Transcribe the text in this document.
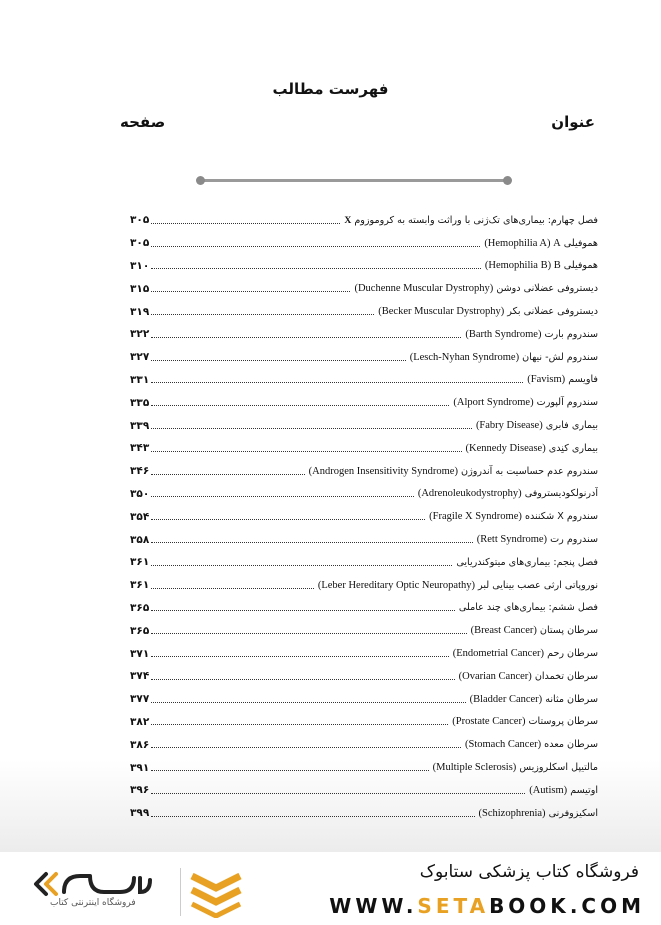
فهرست مطالب
عنوان
صفحه
فصل چهارم: بیماری‌های تک‌ژنی با وراثت وابسته به کروموزوم X
۳۰۵
هموفیلی (Hemophilia A) A
۳۰۵
هموفیلی (Hemophilia B) B
۳۱۰
دیستروفی عضلانی دوشن (Duchenne Muscular Dystrophy)
۳۱۵
دیستروفی عضلانی بکر (Becker Muscular Dystrophy)
۳۱۹
سندروم بارت (Barth Syndrome)
۳۲۲
سندروم لش- نیهان (Lesch-Nyhan Syndrome)
۳۲۷
فاویسم (Favism)
۳۳۱
سندروم آلپورت (Alport Syndrome)
۳۳۵
بیماری فابری (Fabry Disease)
۳۳۹
بیماری کنِدی (Kennedy Disease)
۳۴۳
سندروم عدم حساسیت به آندروژن (Androgen Insensitivity Syndrome)
۳۴۶
آدرنولکودیستروفی (Adrenoleukodystrophy)
۳۵۰
سندروم X شکننده (Fragile X Syndrome)
۳۵۴
سندروم رت (Rett Syndrome)
۳۵۸
فصل پنجم: بیماری‌های میتوکندریایی
۳۶۱
نوروپاتی ارثی عصب بینایی لبر (Leber Hereditary Optic Neuropathy)
۳۶۱
فصل ششم: بیماری‌های چند عاملی
۳۶۵
سرطان پستان (Breast Cancer)
۳۶۵
سرطان رحم (Endometrial Cancer)
۳۷۱
سرطان تخمدان (Ovarian Cancer)
۳۷۴
سرطان مثانه (Bladder Cancer)
۳۷۷
سرطان پروستات (Prostate Cancer)
۳۸۲
سرطان معده (Stomach Cancer)
۳۸۶
مالتیپل اسکلروزیس (Multiple Sclerosis)
۳۹۱
اوتیسم (Autism)
۳۹۶
اسکیزوفرنی (Schizophrenia)
۳۹۹
فروشگاه اینترنتی کتاب
فروشگاه کتاب پزشکی ستابوک
WWW.SETABOOK.COM
